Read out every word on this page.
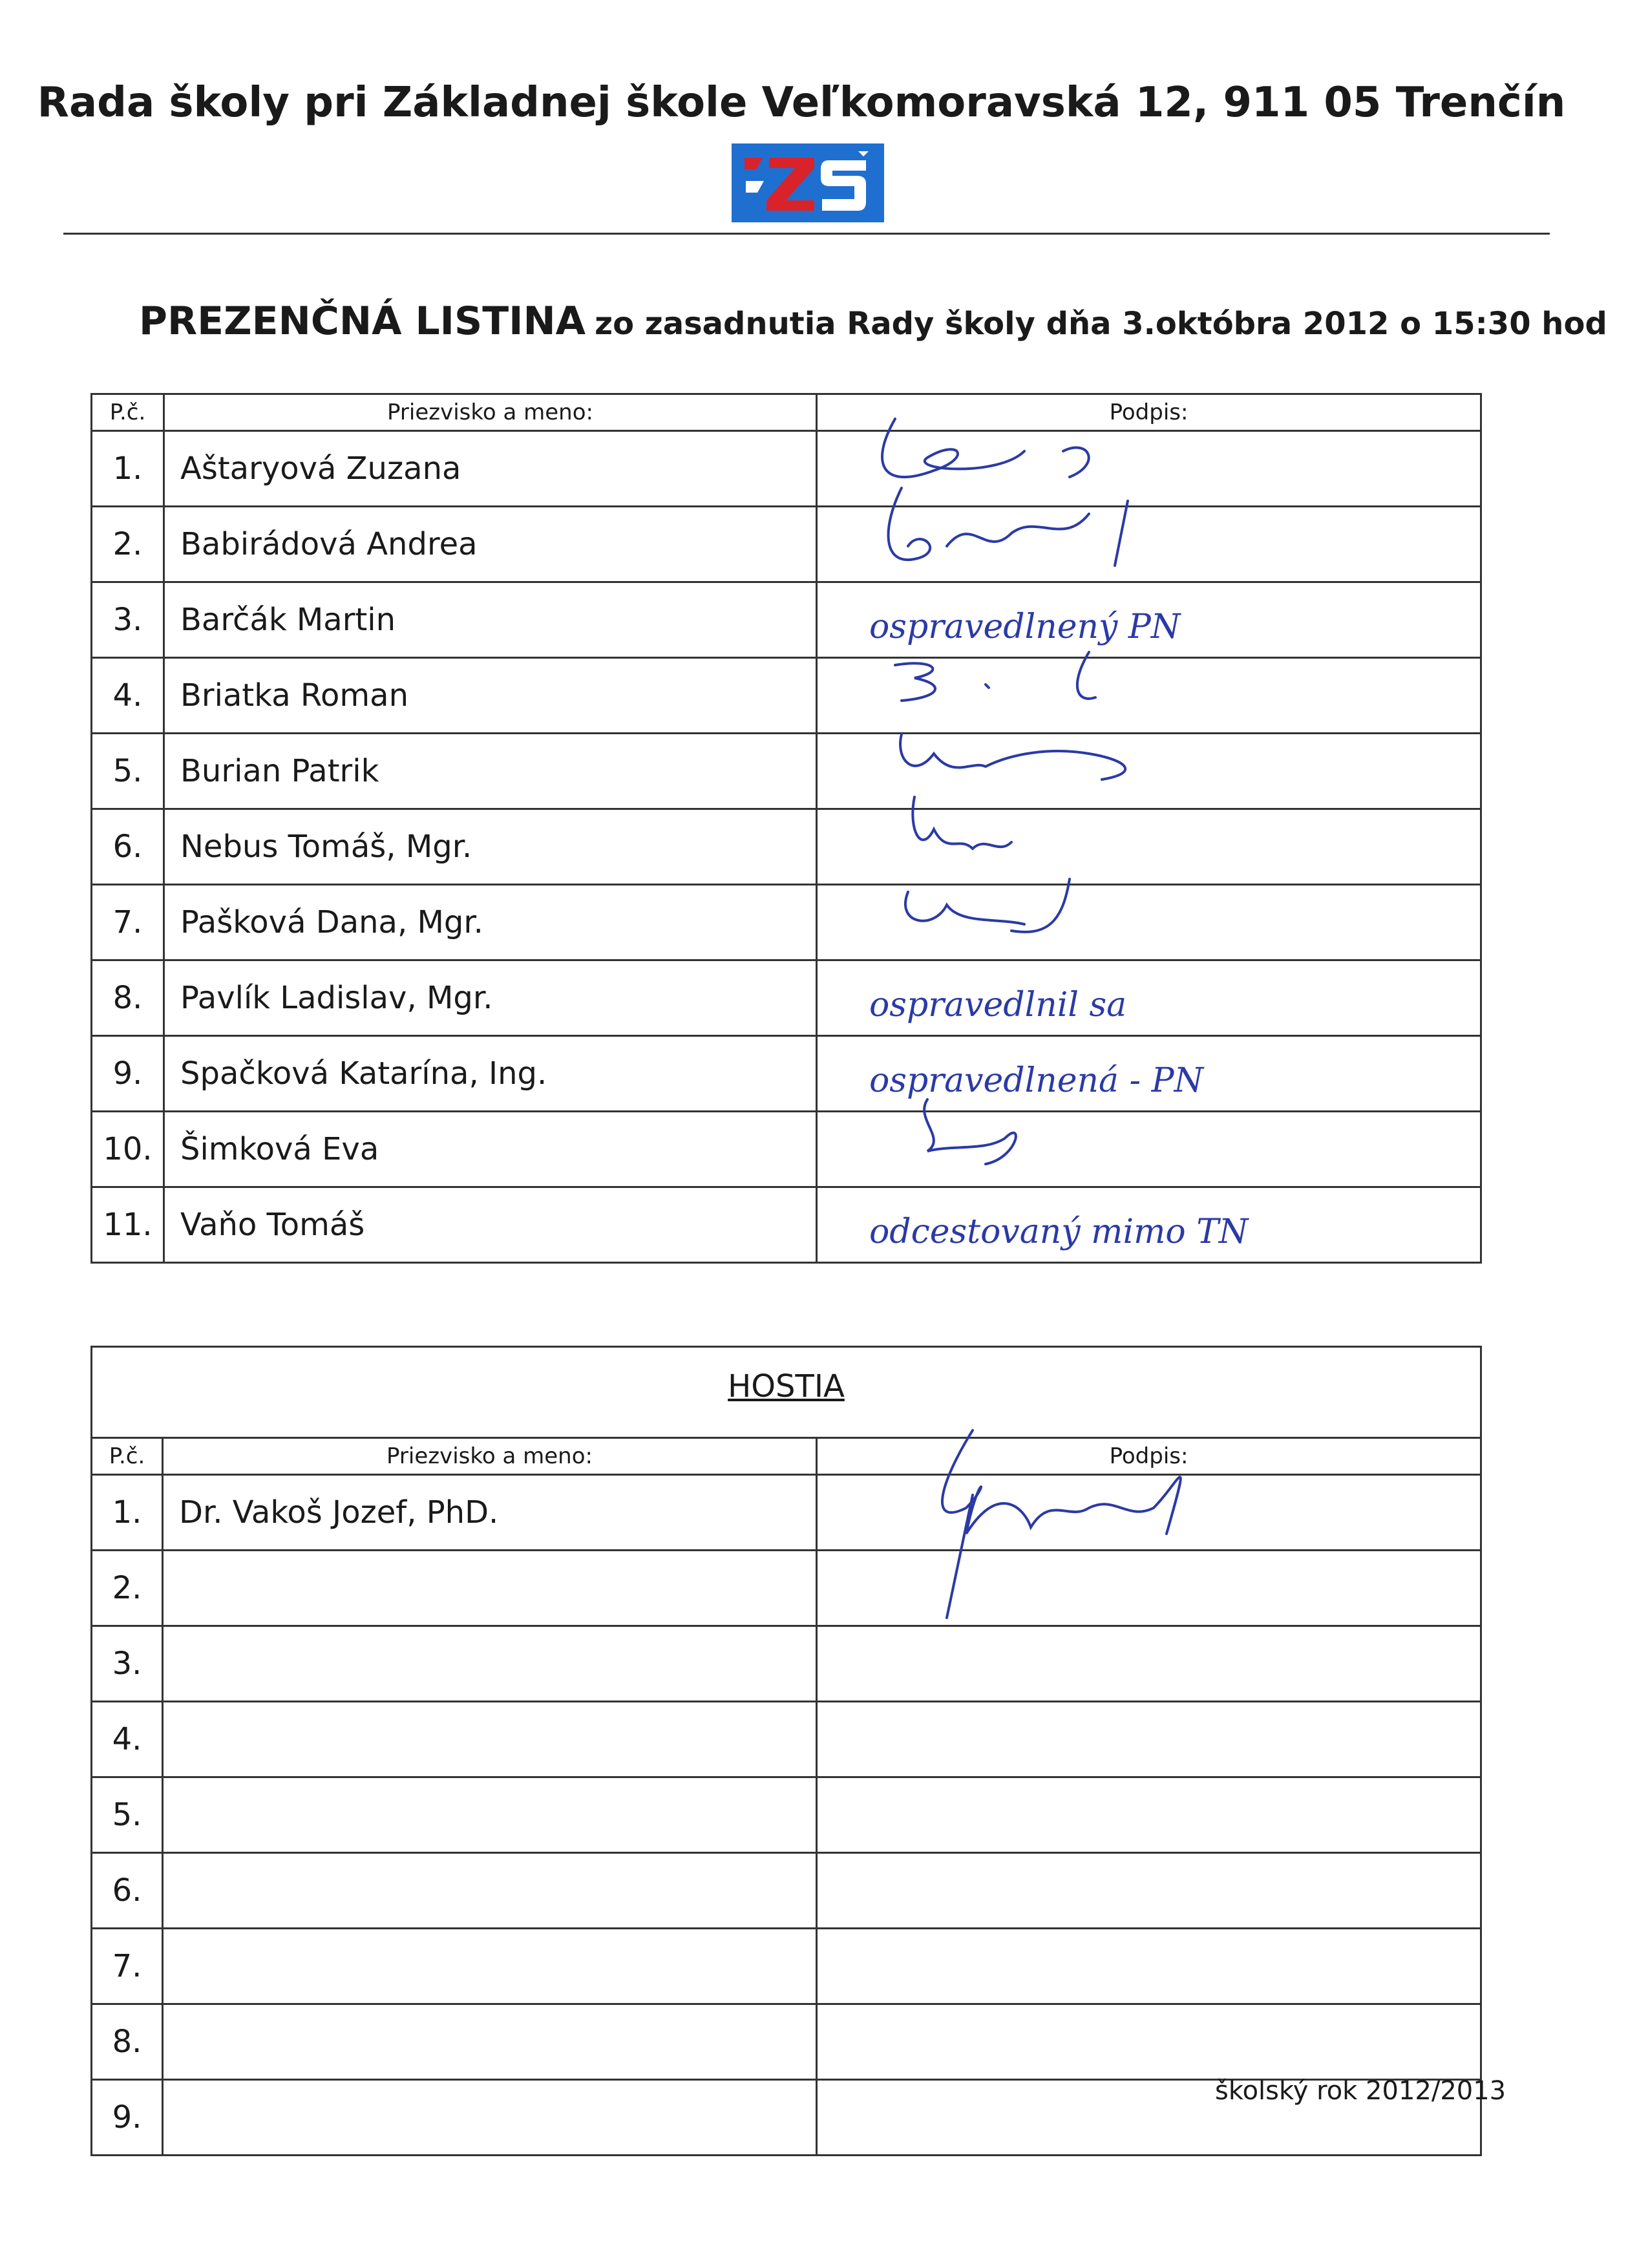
Rada školy pri Základnej škole Veľkomoravská 12, 911 05 Trenčín
PREZENČNÁ LISTINA zo zasadnutia Rady školy dňa 3.októbra 2012 o 15:30 hod
P.č.	Priezvisko a meno:	Podpis:
1.	Aštaryová Zuzana	

2.	Babirádová Andrea	

3.	Barčák Martin	ospravedlnený PN

4.	Briatka Roman	

5.	Burian Patrik	

6.	Nebus Tomáš, Mgr.	

7.	Pašková Dana, Mgr.	

8.	Pavlík Ladislav, Mgr.	ospravedlnil sa

9.	Spačková Katarína, Ing.	ospravedlnená - PN

10.	Šimková Eva	

11.	Vaňo Tomáš	odcestovaný mimo TN
HOSTIA		
P.č.	Priezvisko a meno:	Podpis:
1.	Dr. Vakoš Jozef, PhD.	

2.		
3.		
4.		
5.		
6.		
7.		
8.		
9.		
školský rok 2012/2013
